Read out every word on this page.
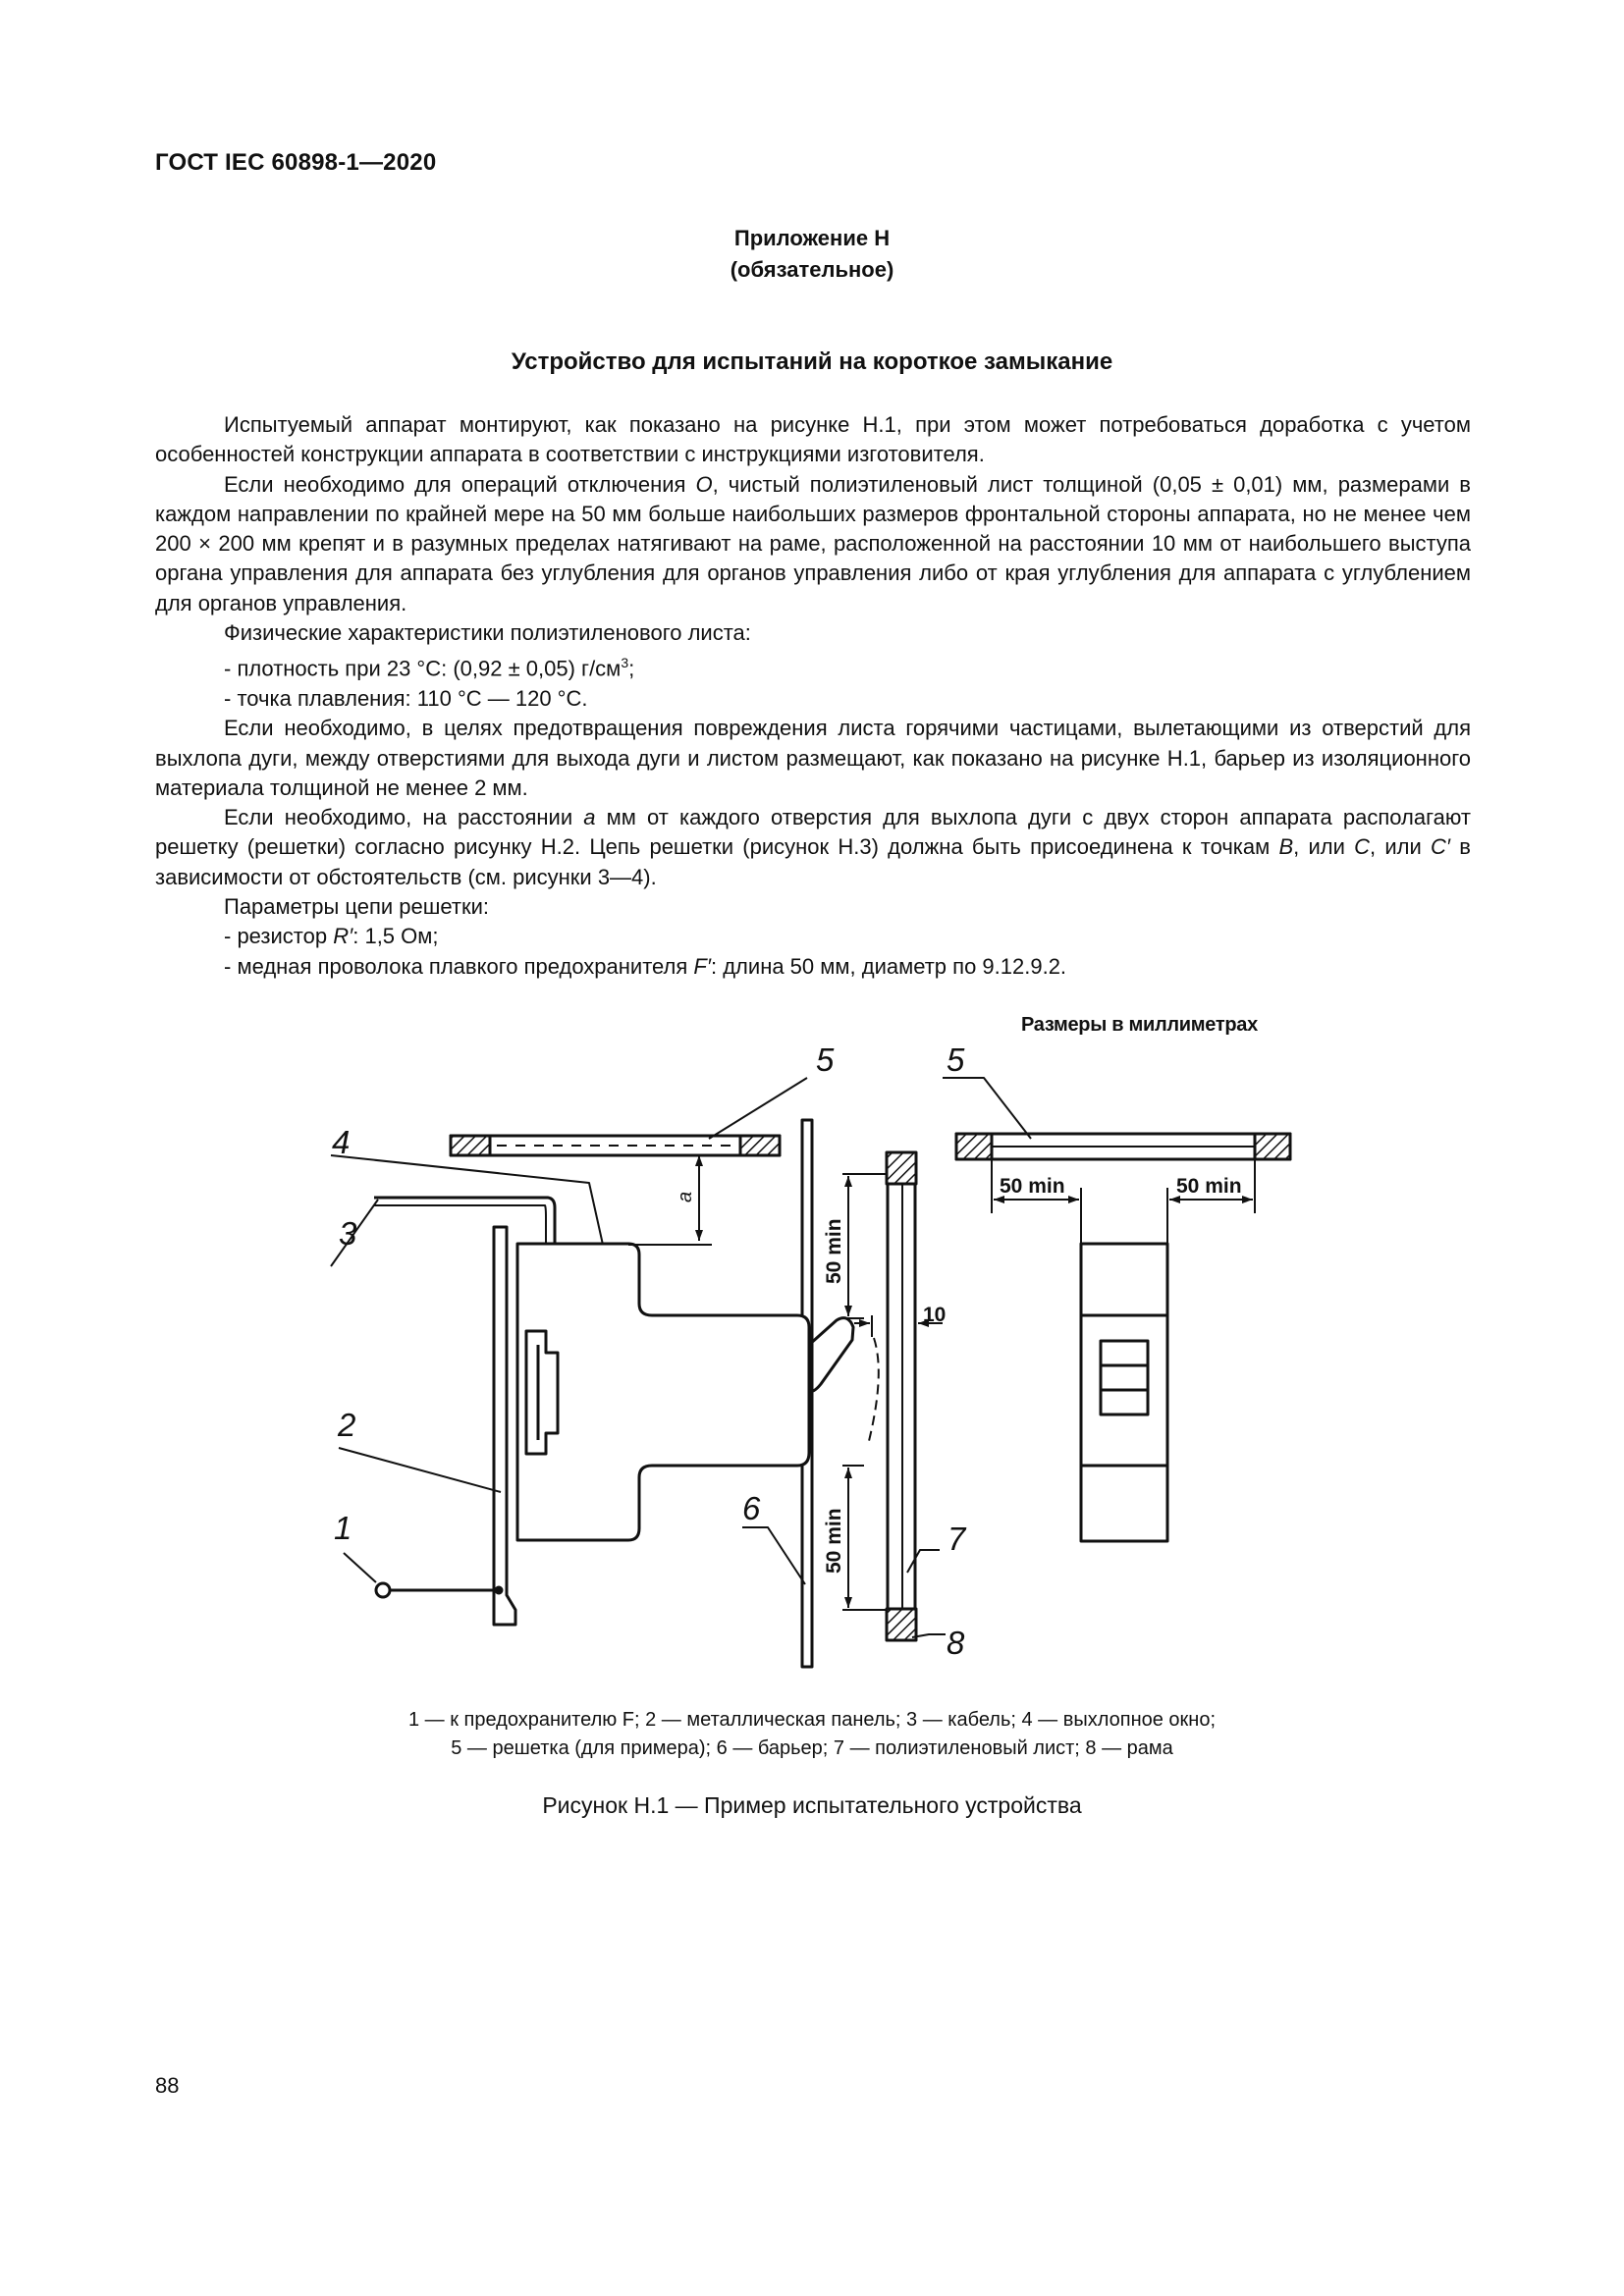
ГОСТ IEC 60898-1—2020
Приложение H
(обязательное)
Устройство для испытаний на короткое замыкание

Испытуемый аппарат монтируют, как показано на рисунке H.1, при этом может потребоваться доработка с учетом особенностей конструкции аппарата в соответствии с инструкциями изготовителя.

Если необходимо для операций отключения O, чистый полиэтиленовый лист толщиной (0,05 ± 0,01) мм, размерами в каждом направлении по крайней мере на 50 мм больше наибольших размеров фронтальной стороны аппарата, но не менее чем 200 × 200 мм крепят и в разумных пределах натягивают на раме, расположенной на расстоянии 10 мм от наибольшего выступа органа управления для аппарата без углубления для органов управления либо от края углубления для аппарата с углублением для органов управления.

Физические характеристики полиэтиленового листа:

- плотность при 23 °C: (0,92 ± 0,05) $г/см^3$;

- точка плавления: 110 °C — 120 °C.

Если необходимо, в целях предотвращения повреждения листа горячими частицами, вылетающими из отверстий для выхлопа дуги, между отверстиями для выхода дуги и листом размещают, как показано на рисунке H.1, барьер из изоляционного материала толщиной не менее 2 мм.

Если необходимо, на расстоянии a мм от каждого отверстия для выхлопа дуги с двух сторон аппарата располагают решетку (решетки) согласно рисунку H.2. Цепь решетки (рисунок H.3) должна быть присоединена к точкам B, или C, или C′ в зависимости от обстоятельств (см. рисунки 3—4).

Параметры цепи решетки:

- резистор R′: 1,5 Ом;

- медная проволока плавкого предохранителя F′: длина 50 мм, диаметр по 9.12.9.2.

Размеры в миллиметрах
4
3
2
1
5	5
6
7
8
a
50 min
50 min
10
50 min	50 min
1 — к предохранителю F; 2 — металлическая панель; 3 — кабель; 4 — выхлопное окно;
5 — решетка (для примера); 6 — барьер; 7 — полиэтиленовый лист; 8 — рама
Рисунок H.1 — Пример испытательного устройства
88
